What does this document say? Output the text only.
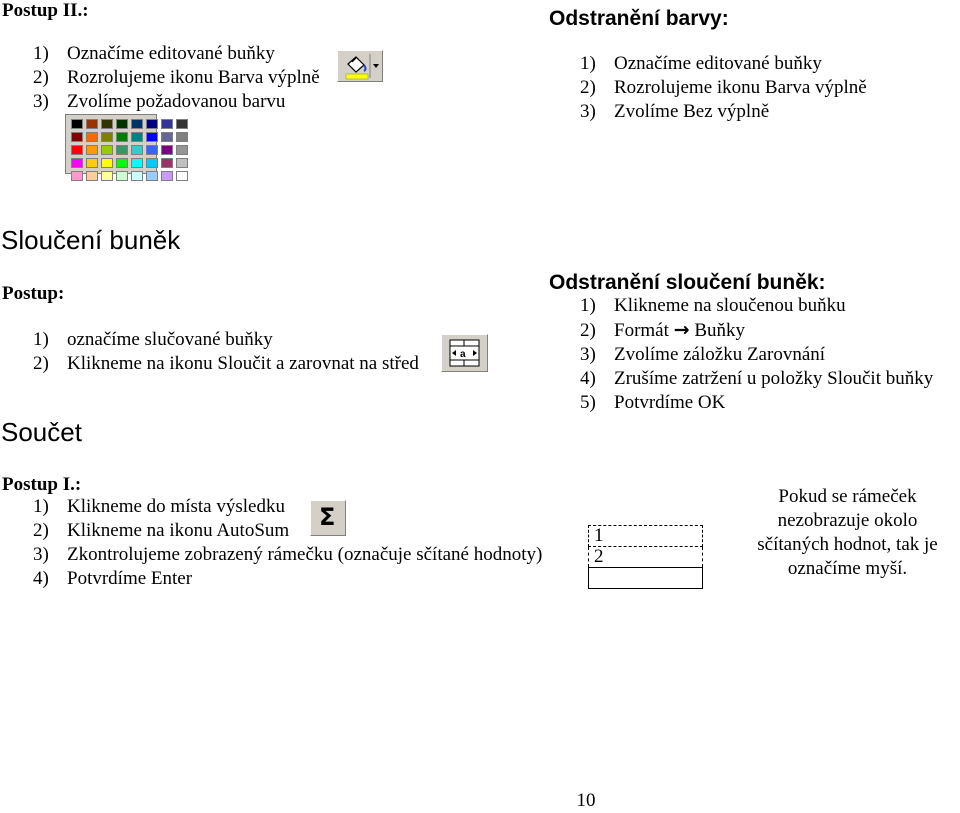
Postup II.:
1) Označíme editované buňky
2) Rozrolujeme ikonu Barva výplně
3) Zvolíme požadovanou barvu
Odstranění barvy:
1) Označíme editované buňky
2) Rozrolujeme ikonu Barva výplně
3) Zvolíme Bez výplně
Sloučení buněk
Postup:
1) označíme slučované buňky
2) Klikneme na ikonu Sloučit a zarovnat na střed	a
Odstranění sloučení buněk:
1) Klikneme na sloučenou buňku
2) Formát → Buňky
3) Zvolíme záložku Zarovnání
4) Zrušíme zatržení u položky Sloučit buňky
5) Potvrdíme OK
Součet
Postup I.:
1) Klikneme do místa výsledku
2) Klikneme na ikonu AutoSum
3) Zkontrolujeme zobrazený rámečku (označuje sčítané hodnoty)
4) Potvrdíme Enter
Σ
1
2

Pokud se rámeček nezobrazuje okolo sčítaných hodnot, tak je označíme myší.
10
